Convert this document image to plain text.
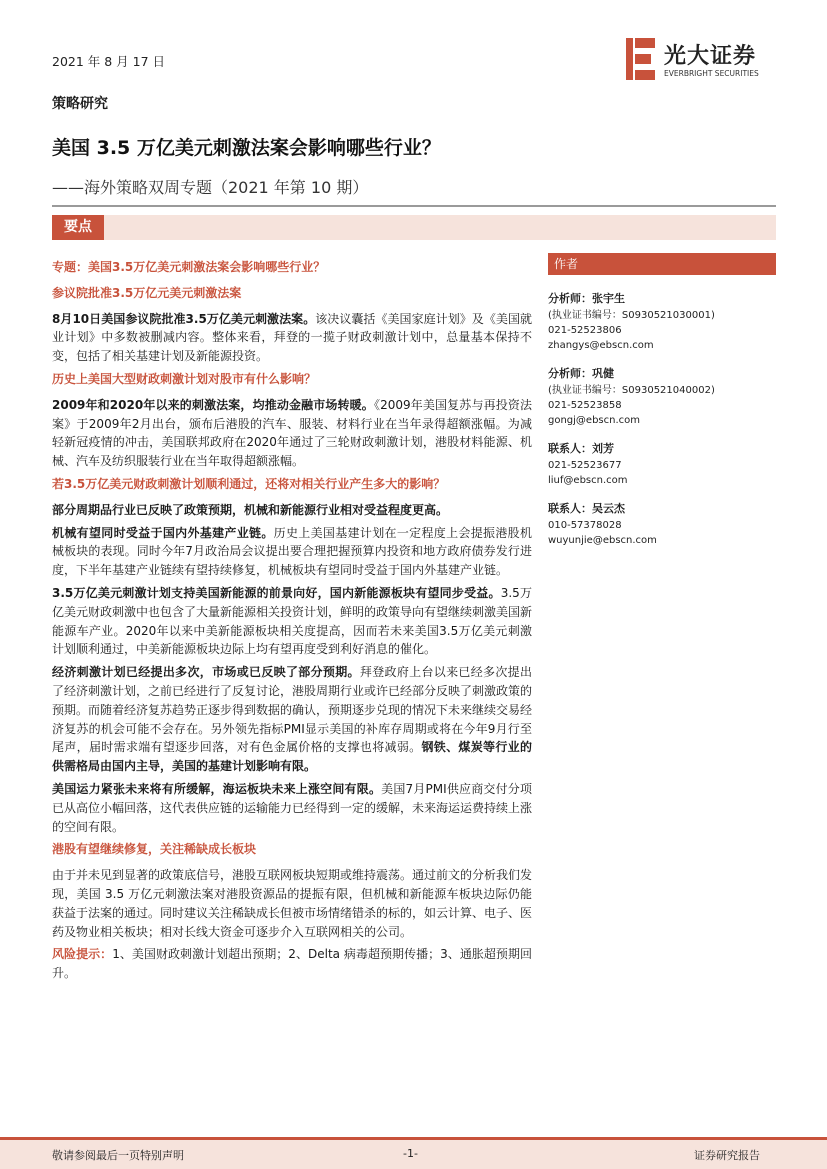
2021 年 8 月 17 日	光大证券
EVERBRIGHT SECURITIES
策略研究
美国 3.5 万亿美元刺激法案会影响哪些行业？
——海外策略双周专题（2021 年第 10 期）
要点

专题：美国3.5万亿美元刺激法案会影响哪些行业？

参议院批准3.5万亿元美元刺激法案

8月10日美国参议院批准3.5万亿美元刺激法案。该决议囊括《美国家庭计划》及《美国就业计划》中多数被删减内容。整体来看，拜登的一揽子财政刺激计划中，总量基本保持不变，包括了相关基建计划及新能源投资。

历史上美国大型财政刺激计划对股市有什么影响？

2009年和2020年以来的刺激法案，均推动金融市场转暖。《2009年美国复苏与再投资法案》于2009年2月出台，颁布后港股的汽车、服装、材料行业在当年录得超额涨幅。为减轻新冠疫情的冲击，美国联邦政府在2020年通过了三轮财政刺激计划，港股材料能源、机械、汽车及纺织服装行业在当年取得超额涨幅。

若3.5万亿美元财政刺激计划顺利通过，还将对相关行业产生多大的影响？

部分周期品行业已反映了政策预期，机械和新能源行业相对受益程度更高。

机械有望同时受益于国内外基建产业链。历史上美国基建计划在一定程度上会提振港股机械板块的表现。同时今年7月政治局会议提出要合理把握预算内投资和地方政府债券发行进度，下半年基建产业链续有望持续修复，机械板块有望同时受益于国内外基建产业链。

3.5万亿美元刺激计划支持美国新能源的前景向好，国内新能源板块有望同步受益。3.5万亿美元财政刺激中也包含了大量新能源相关投资计划，鲜明的政策导向有望继续刺激美国新能源车产业。2020年以来中美新能源板块相关度提高，因而若未来美国3.5万亿美元刺激计划顺利通过，中美新能源板块边际上均有望再度受到利好消息的催化。

经济刺激计划已经提出多次，市场或已反映了部分预期。拜登政府上台以来已经多次提出了经济刺激计划，之前已经进行了反复讨论，港股周期行业或许已经部分反映了刺激政策的预期。而随着经济复苏趋势正逐步得到数据的确认，预期逐步兑现的情况下未来继续交易经济复苏的机会可能不会存在。另外领先指标PMI显示美国的补库存周期或将在今年9月行至尾声，届时需求端有望逐步回落，对有色金属价格的支撑也将减弱。钢铁、煤炭等行业的供需格局由国内主导，美国的基建计划影响有限。

美国运力紧张未来将有所缓解，海运板块未来上涨空间有限。美国7月PMI供应商交付分项已从高位小幅回落，这代表供应链的运输能力已经得到一定的缓解，未来海运运费持续上涨的空间有限。

港股有望继续修复，关注稀缺成长板块

由于并未见到显著的政策底信号，港股互联网板块短期或维持震荡。通过前文的分析我们发现，美国 3.5 万亿元刺激法案对港股资源品的提振有限，但机械和新能源车板块边际仍能获益于法案的通过。同时建议关注稀缺成长但被市场情绪错杀的标的，如云计算、电子、医药及物业相关板块；相对长线大资金可逐步介入互联网相关的公司。

风险提示：1、美国财政刺激计划超出预期；2、Delta 病毒超预期传播；3、通胀超预期回升。

作者
分析师：张宇生
(执业证书编号：S0930521030001)
021-52523806
zhangys@ebscn.com
分析师：巩健
(执业证书编号：S0930521040002)
021-52523858
gongj@ebscn.com
联系人：刘芳
021-52523677
liuf@ebscn.com
联系人：吴云杰
010-57378028
wuyunjie@ebscn.com
敬请参阅最后一页特别声明	-1-	证券研究报告
